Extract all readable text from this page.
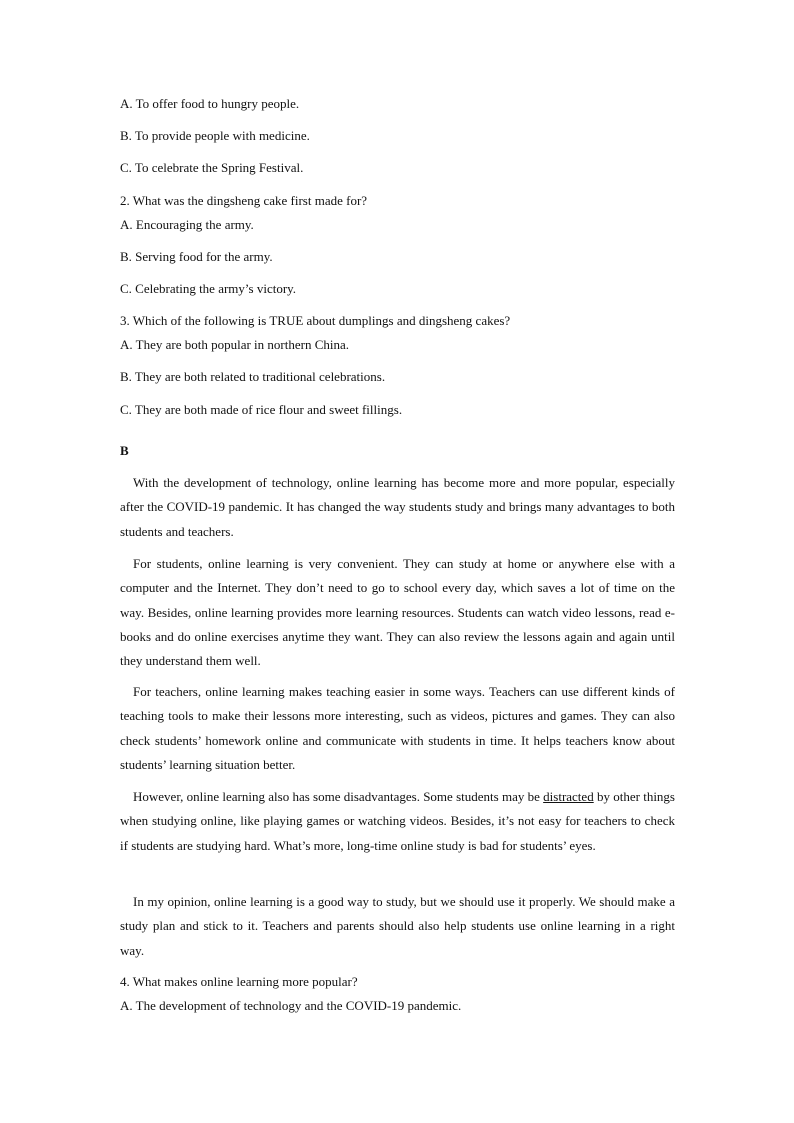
A. To offer food to hungry people.
B. To provide people with medicine.
C. To celebrate the Spring Festival.
2. What was the dingsheng cake first made for?
A. Encouraging the army.
B. Serving food for the army.
C. Celebrating the army’s victory.
3. Which of the following is TRUE about dumplings and dingsheng cakes?
A. They are both popular in northern China.
B. They are both related to traditional celebrations.
C. They are both made of rice flour and sweet fillings.
B
With the development of technology, online learning has become more and more popular, especially after the COVID-19 pandemic. It has changed the way students study and brings many advantages to both students and teachers.
For students, online learning is very convenient. They can study at home or anywhere else with a computer and the Internet. They don’t need to go to school every day, which saves a lot of time on the way. Besides, online learning provides more learning resources. Students can watch video lessons, read e-books and do online exercises anytime they want. They can also review the lessons again and again until they understand them well.
For teachers, online learning makes teaching easier in some ways. Teachers can use different kinds of teaching tools to make their lessons more interesting, such as videos, pictures and games. They can also check students’ homework online and communicate with students in time. It helps teachers know about students’ learning situation better.
However, online learning also has some disadvantages. Some students may be distracted by other things when studying online, like playing games or watching videos. Besides, it’s not easy for teachers to check if students are studying hard. What’s more, long-time online study is bad for students’ eyes.
In my opinion, online learning is a good way to study, but we should use it properly. We should make a study plan and stick to it. Teachers and parents should also help students use online learning in a right way.
4. What makes online learning more popular?
A. The development of technology and the COVID-19 pandemic.
